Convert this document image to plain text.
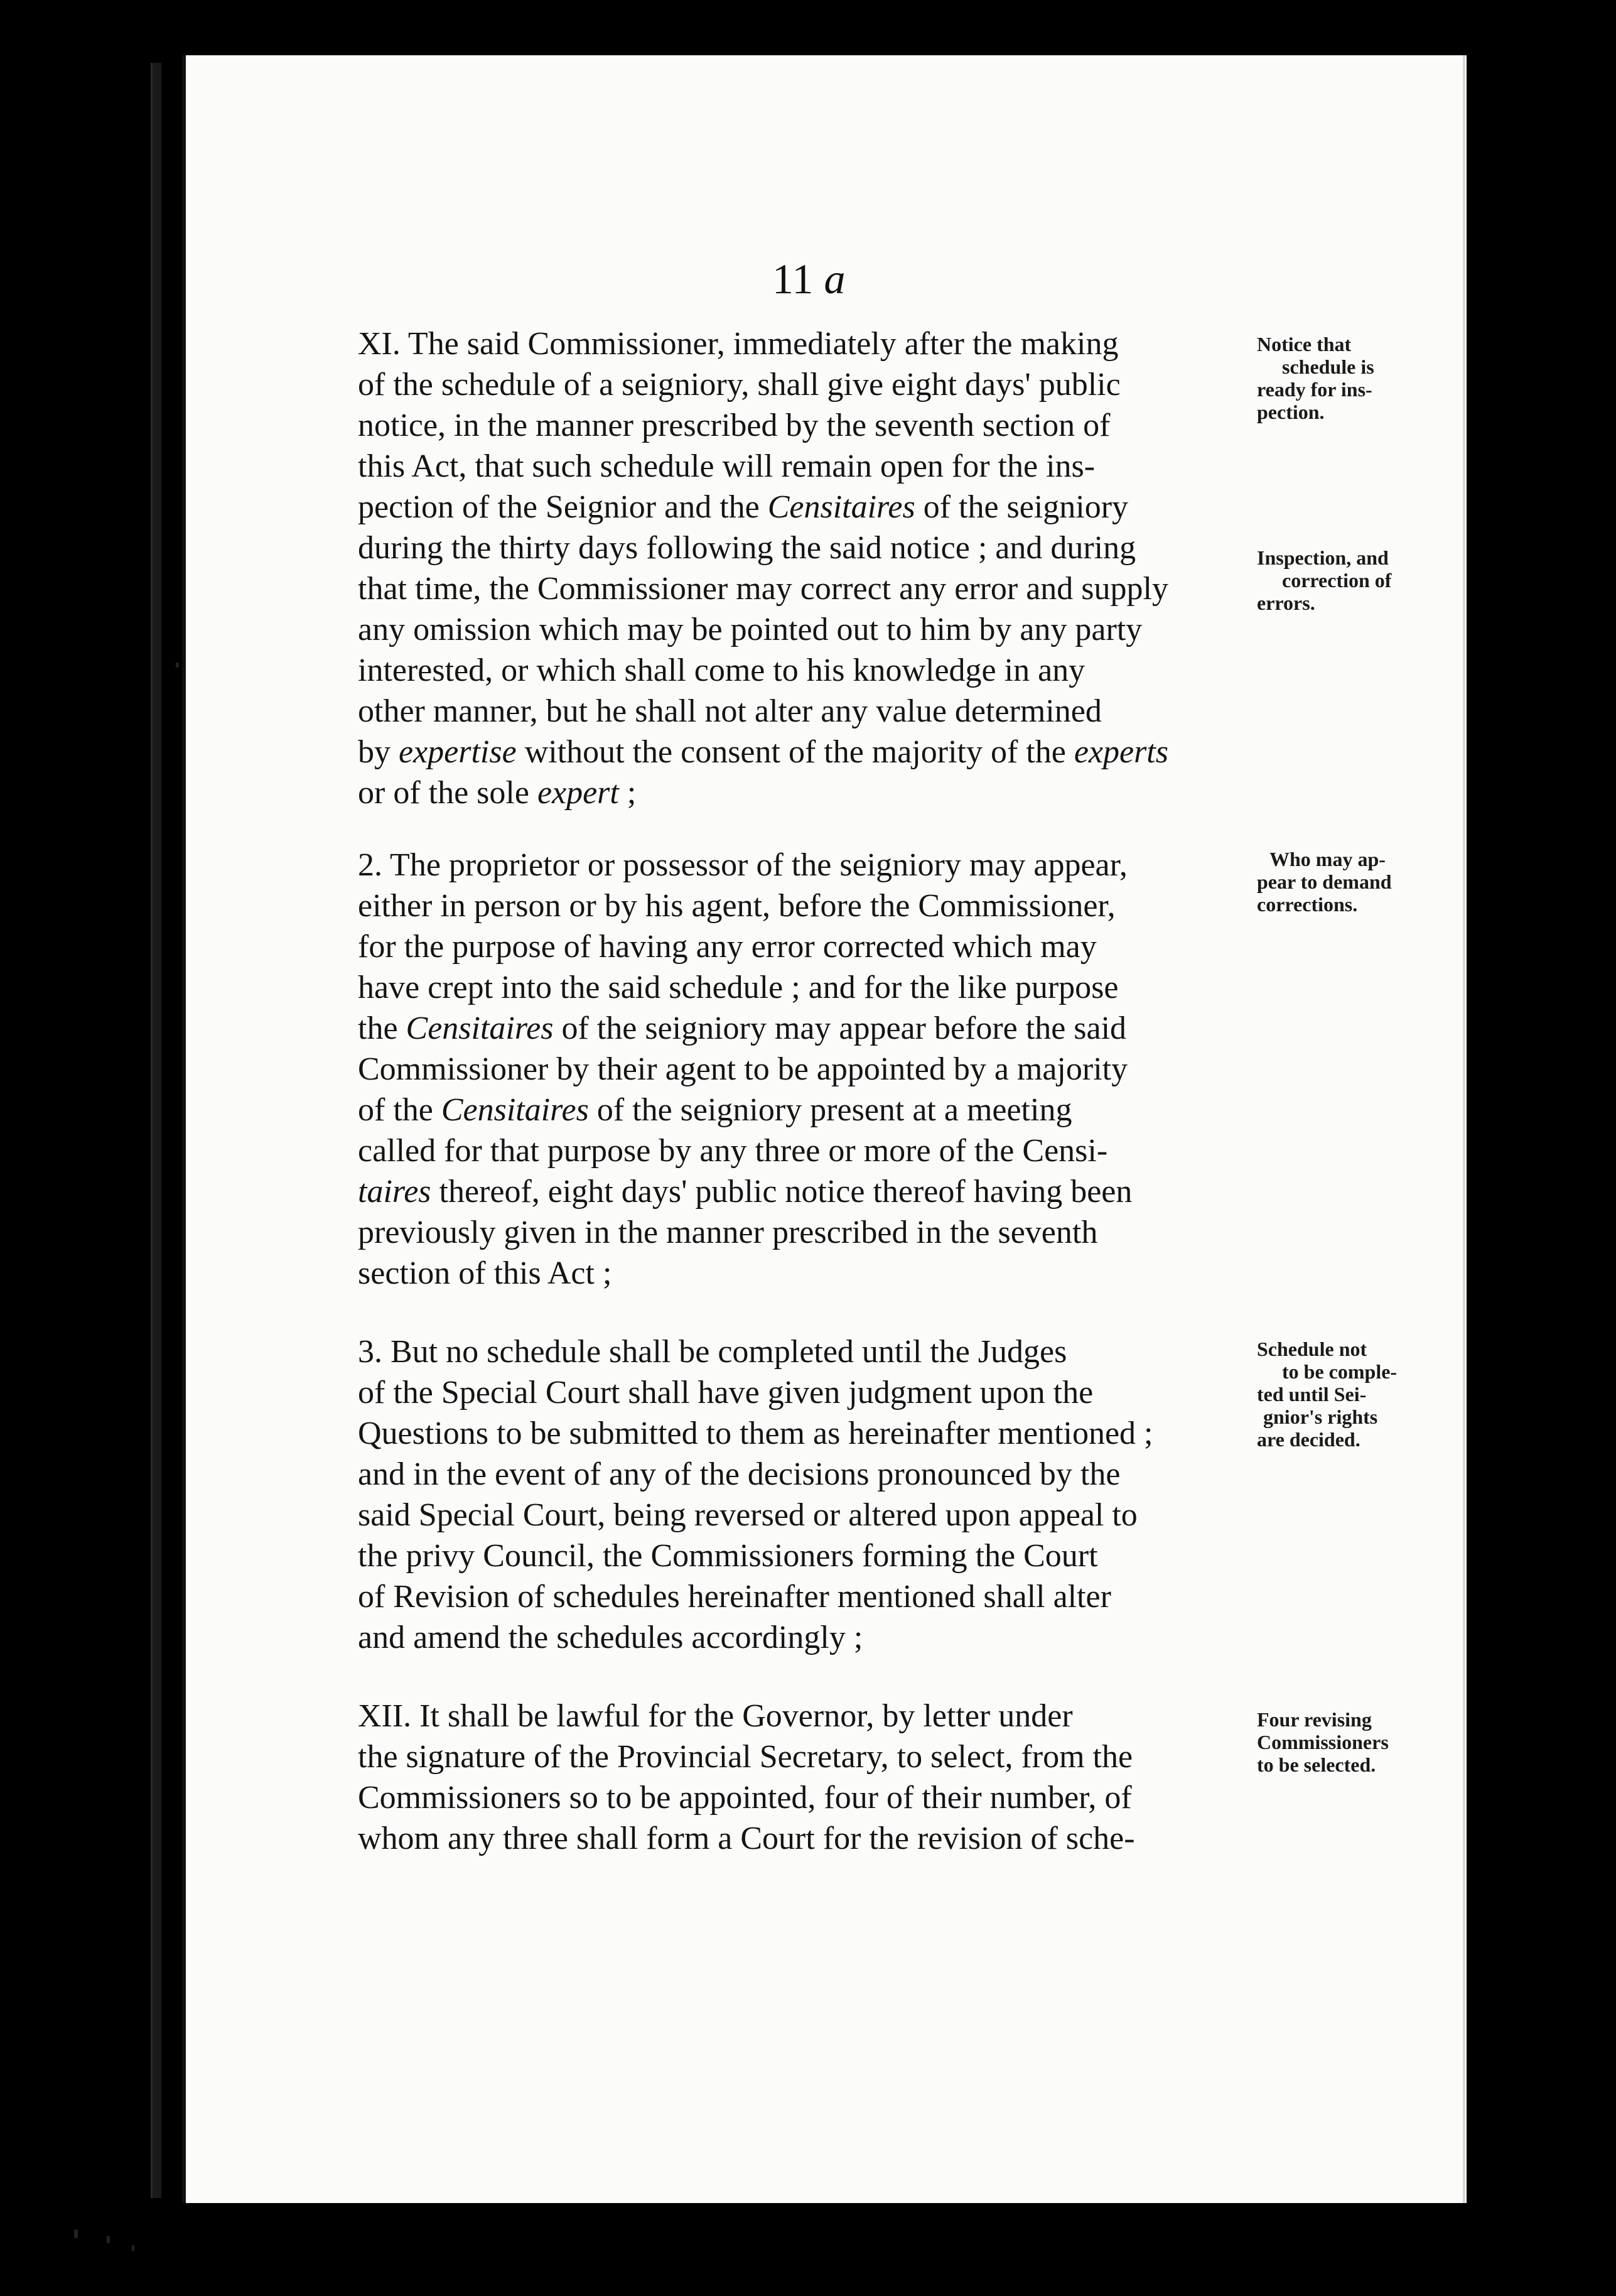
11 a
XI. The said Commissioner, immediately after the making
of the schedule of a seigniory, shall give eight days' public
notice, in the manner prescribed by the seventh section of
this Act, that such schedule will remain open for the ins-
pection of the Seignior and the Censitaires of the seigniory
during the thirty days following the said notice ; and during
that time, the Commissioner may correct any error and supply
any omission which may be pointed out to him by any party
interested, or which shall come to his knowledge in any
other manner, but he shall not alter any value determined
by expertise without the consent of the majority of the experts
or of the sole expert ;
2. The proprietor or possessor of the seigniory may appear,
either in person or by his agent, before the Commissioner,
for the purpose of having any error corrected which may
have crept into the said schedule ; and for the like purpose
the Censitaires of the seigniory may appear before the said
Commissioner by their agent to be appointed by a majority
of the Censitaires of the seigniory present at a meeting
called for that purpose by any three or more of the Censi-
taires thereof, eight days' public notice thereof having been
previously given in the manner prescribed in the seventh
section of this Act ;
3. But no schedule shall be completed until the Judges
of the Special Court shall have given judgment upon the
Questions to be submitted to them as hereinafter mentioned ;
and in the event of any of the decisions pronounced by the
said Special Court, being reversed or altered upon appeal to
the privy Council, the Commissioners forming the Court
of Revision of schedules hereinafter mentioned shall alter
and amend the schedules accordingly ;
XII. It shall be lawful for the Governor, by letter under
the signature of the Provincial Secretary, to select, from the
Commissioners so to be appointed, four of their number, of
whom any three shall form a Court for the revision of sche-
Notice that
schedule is
ready for ins-
pection.
Inspection, and
correction of
errors.
Who may ap-
pear to demand
corrections.
Schedule not
to be comple-
ted until Sei-
gnior's rights
are decided.
Four revising
Commissioners
to be selected.
